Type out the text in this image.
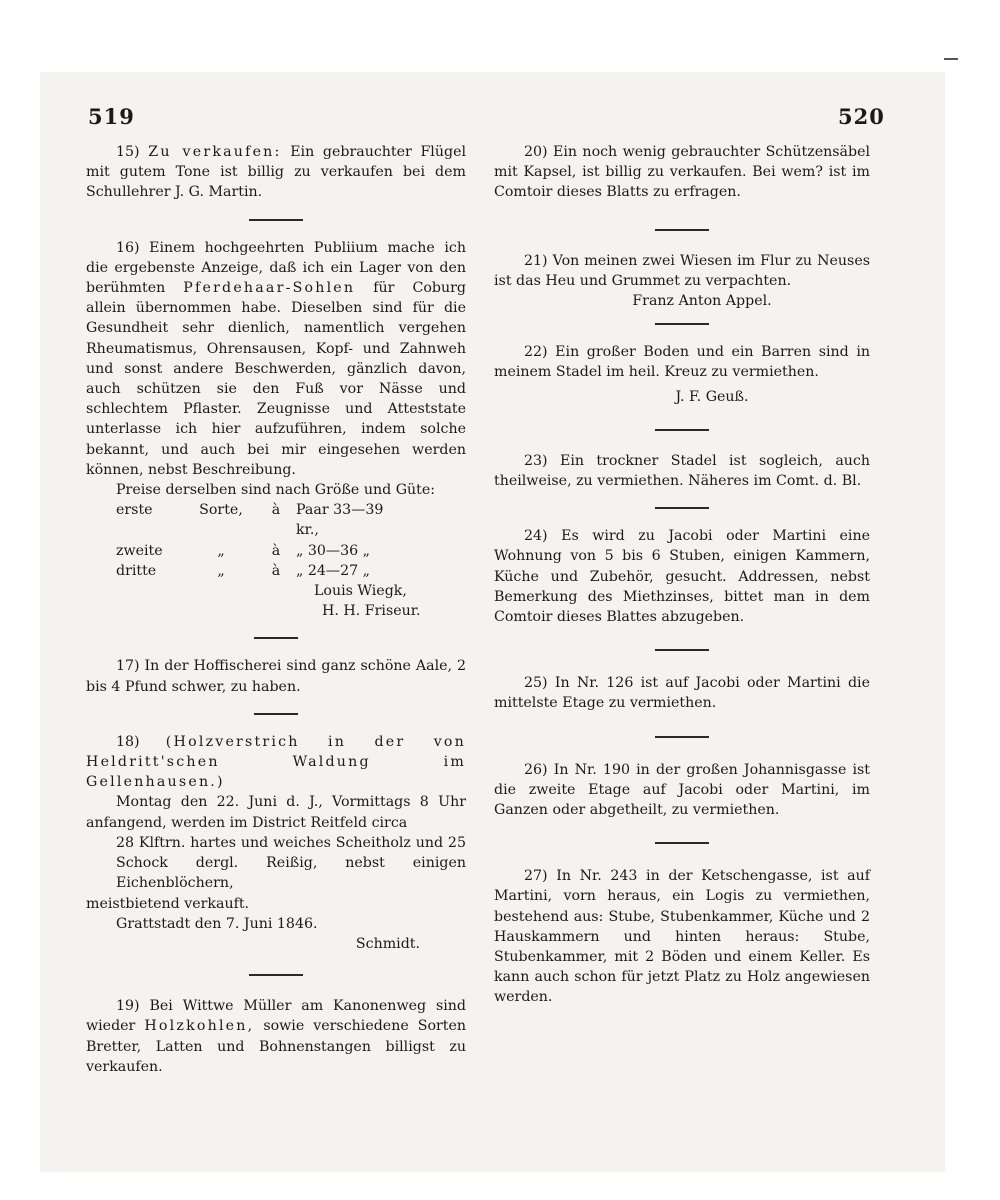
519	520

15) Zu verkaufen: Ein gebrauchter Flügel mit gutem Tone ist billig zu verkaufen bei dem Schullehrer J. G. Martin.

16) Einem hochgeehrten Publiium mache ich die ergebenste Anzeige, daß ich ein Lager von den berühmten Pferdehaar-Sohlen für Coburg allein übernommen habe. Dieselben sind für die Gesundheit sehr dienlich, namentlich vergehen Rheumatismus, Ohrensausen, Kopf- und Zahnweh und sonst andere Beschwerden, gänzlich davon, auch schützen sie den Fuß vor Nässe und schlechtem Pflaster. Zeugnisse und Atteststate unterlasse ich hier aufzuführen, indem solche bekannt, und auch bei mir eingesehen werden können, nebst Beschreibung.

Preise derselben sind nach Größe und Güte:

erste	Sorte,	à	Paar 33—39 kr.,
zweite	„	à	„ 30—36 „
dritte	„	à	„ 24—27 „

Louis Wiegk,

H. H. Friseur.

17) In der Hoffischerei sind ganz schöne Aale, 2 bis 4 Pfund schwer, zu haben.

18) (Holzverstrich in der von Heldritt'schen Waldung im Gellenhausen.)

Montag den 22. Juni d. J., Vormittags 8 Uhr anfangend, werden im District Reitfeld circa

28 Klftrn. hartes und weiches Scheitholz und 25 Schock dergl. Reißig, nebst einigen Eichenblöchern,

meistbietend verkauft.

Grattstadt den 7. Juni 1846.

Schmidt.

19) Bei Wittwe Müller am Kanonenweg sind wieder Holzkohlen, sowie verschiedene Sorten Bretter, Latten und Bohnenstangen billigst zu verkaufen.

20) Ein noch wenig gebrauchter Schützensäbel mit Kapsel, ist billig zu verkaufen. Bei wem? ist im Comtoir dieses Blatts zu erfragen.

21) Von meinen zwei Wiesen im Flur zu Neuses ist das Heu und Grummet zu verpachten.

Franz Anton Appel.

22) Ein großer Boden und ein Barren sind in meinem Stadel im heil. Kreuz zu vermiethen.

J. F. Geuß.

23) Ein trockner Stadel ist sogleich, auch theilweise, zu vermiethen. Näheres im Comt. d. Bl.

24) Es wird zu Jacobi oder Martini eine Wohnung von 5 bis 6 Stuben, einigen Kammern, Küche und Zubehör, gesucht. Addressen, nebst Bemerkung des Miethzinses, bittet man in dem Comtoir dieses Blattes abzugeben.

25) In Nr. 126 ist auf Jacobi oder Martini die mittelste Etage zu vermiethen.

26) In Nr. 190 in der großen Johannisgasse ist die zweite Etage auf Jacobi oder Martini, im Ganzen oder abgetheilt, zu vermiethen.

27) In Nr. 243 in der Ketschengasse, ist auf Martini, vorn heraus, ein Logis zu vermiethen, bestehend aus: Stube, Stubenkammer, Küche und 2 Hauskammern und hinten heraus: Stube, Stubenkammer, mit 2 Böden und einem Keller. Es kann auch schon für jetzt Platz zu Holz angewiesen werden.
